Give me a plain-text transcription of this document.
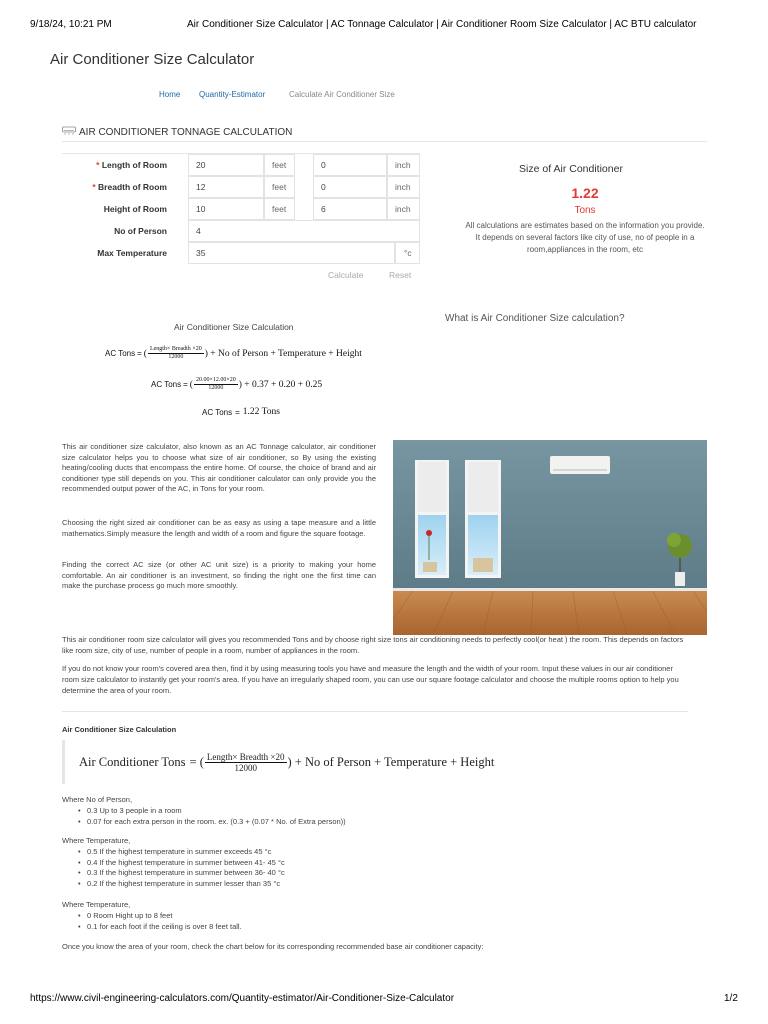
9/18/24, 10:21 PM	Air Conditioner Size Calculator | AC Tonnage Calculator | Air Conditioner Room Size Calculator | AC BTU calculator
Air Conditioner Size Calculator
Home Quantity-Estimator	Calculate Air Conditioner Size
AIR CONDITIONER TONNAGE CALCULATION
* Length of Room	20	feet	0	inch
* Breadth of Room	12	feet	0	inch
Height of Room	10	feet	6	inch
No of Person	4
Max Temperature	35	°c
Calculate	Reset
Size of Air Conditioner
1.22
Tons
All calculations are estimates based on the information you provide. It depends on several factors like city of use, no of people in a room,appliances in the room, etc
What is Air Conditioner Size calculation?
Air Conditioner Size Calculation
AC Tons = ( $\frac{\text{Length× Breadth ×20}}{12000}$ ) + No of Person + Temperature + Height
AC Tons = ( $\frac{20.00\times 12.00\times 20}{12000}$ ) + 0.37 + 0.20 + 0.25
AC Tons = 1.22 Tons

This air conditioner size calculator, also known as an AC Tonnage calculator, air conditioner size calculator helps you to choose what size of air conditioner, so By using the existing heating/cooling ducts that encompass the entire home. Of course, the choice of brand and air conditioner type still depends on you. This air conditioner calculator can only provide you the recommended output power of the AC, in Tons for your room.

Choosing the right sized air conditioner can be as easy as using a tape measure and a little mathematics.Simply measure the length and width of a room and figure the square footage.

Finding the correct AC size (or other AC unit size) is a priority to making your home comfortable. An air conditioner is an investment, so finding the right one the first time can make the purchase process go much more smoothly.

This air conditioner room size calculator will gives you recommended Tons and by choose right size tons air conditioning needs to perfectly cool(or heat ) the room. This depends on factors like room size, city of use, number of people in a room, number of appliances in the room.

If you do not know your room's covered area then, find it by using measuring tools you have and measure the length and the width of your room. Input these values in our air conditioner room size calculator to instantly get your room's area. If you have an irregularly shaped room, you can use our square footage calculator and choose the multiple rooms option to help you determine the area of your room.

Air Conditioner Size Calculation
Air Conditioner Tons = ( $\frac{\text{Length× Breadth ×20}}{12000}$ ) + No of Person + Temperature + Height
Where No of Person,
• 0.3 Up to 3 people in a room
• 0.07 for each extra person in the room. ex. (0.3 + (0.07 * No. of Extra person))
Where Temperature,
• 0.5 If the highest temperature in summer exceeds 45 °c
• 0.4 If the highest temperature in summer between 41- 45 °c
• 0.3 If the highest temperature in summer between 36- 40 °c
• 0.2 If the highest temperature in summer lesser than 35 °c
Where Temperature,
• 0 Room Hight up to 8 feet
• 0.1 for each foot if the ceiling is over 8 feet tall.
Once you know the area of your room, check the chart below for its corresponding recommended base air conditioner capacity:
https://www.civil-engineering-calculators.com/Quantity-estimator/Air-Conditioner-Size-Calculator	1/2
